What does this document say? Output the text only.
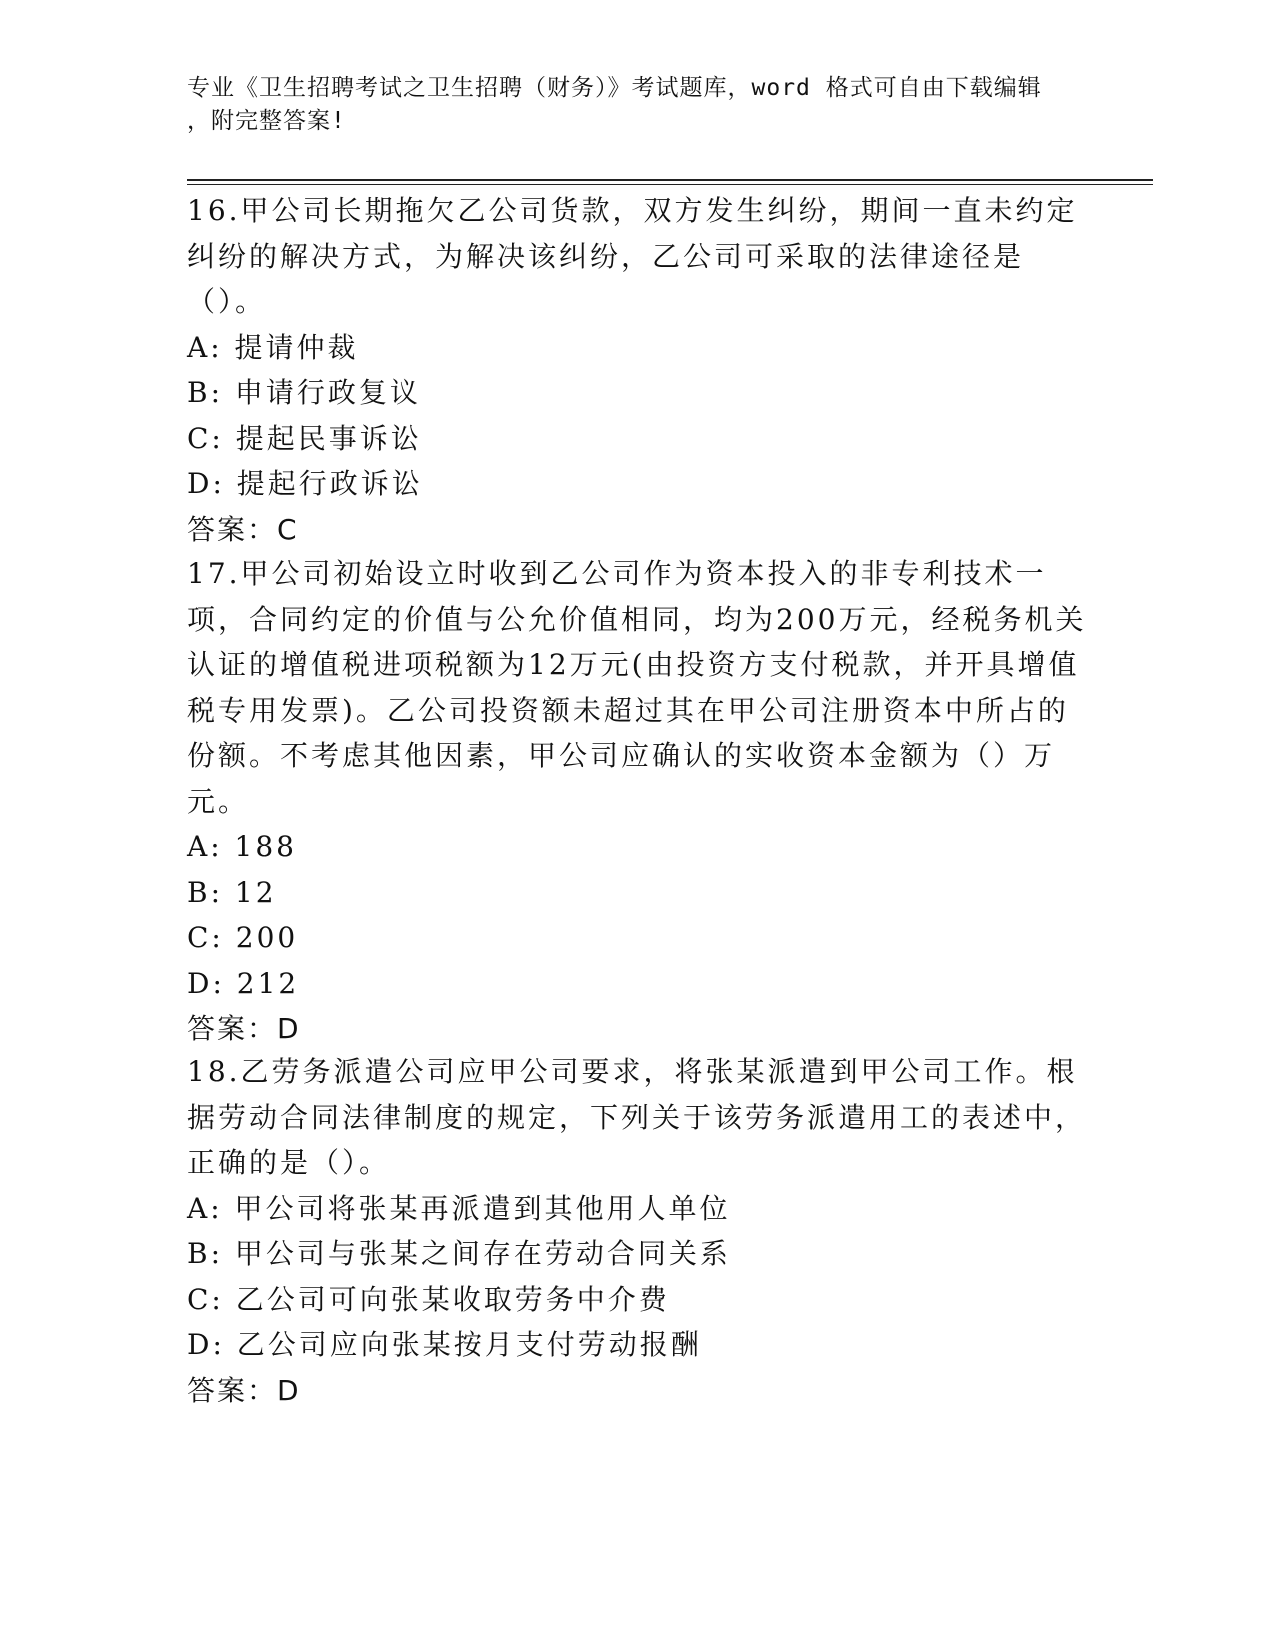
专业《卫生招聘考试之卫生招聘（财务）》考试题库，word 格式可自由下载编辑
，附完整答案!
16.甲公司长期拖欠乙公司货款，双方发生纠纷，期间一直未约定纠纷的解决方式，为解决该纠纷，乙公司可采取的法律途径是（）。
A: 提请仲裁
B: 申请行政复议
C: 提起民事诉讼
D: 提起行政诉讼
答案：C
17.甲公司初始设立时收到乙公司作为资本投入的非专利技术一项，合同约定的价值与公允价值相同，均为200万元，经税务机关认证的增值税进项税额为12万元(由投资方支付税款，并开具增值税专用发票)。乙公司投资额未超过其在甲公司注册资本中所占的份额。不考虑其他因素，甲公司应确认的实收资本金额为（）万元。
A: 188
B: 12
C: 200
D: 212
答案：D
18.乙劳务派遣公司应甲公司要求，将张某派遣到甲公司工作。根据劳动合同法律制度的规定，下列关于该劳务派遣用工的表述中，正确的是（）。
A: 甲公司将张某再派遣到其他用人单位
B: 甲公司与张某之间存在劳动合同关系
C: 乙公司可向张某收取劳务中介费
D: 乙公司应向张某按月支付劳动报酬
答案：D
